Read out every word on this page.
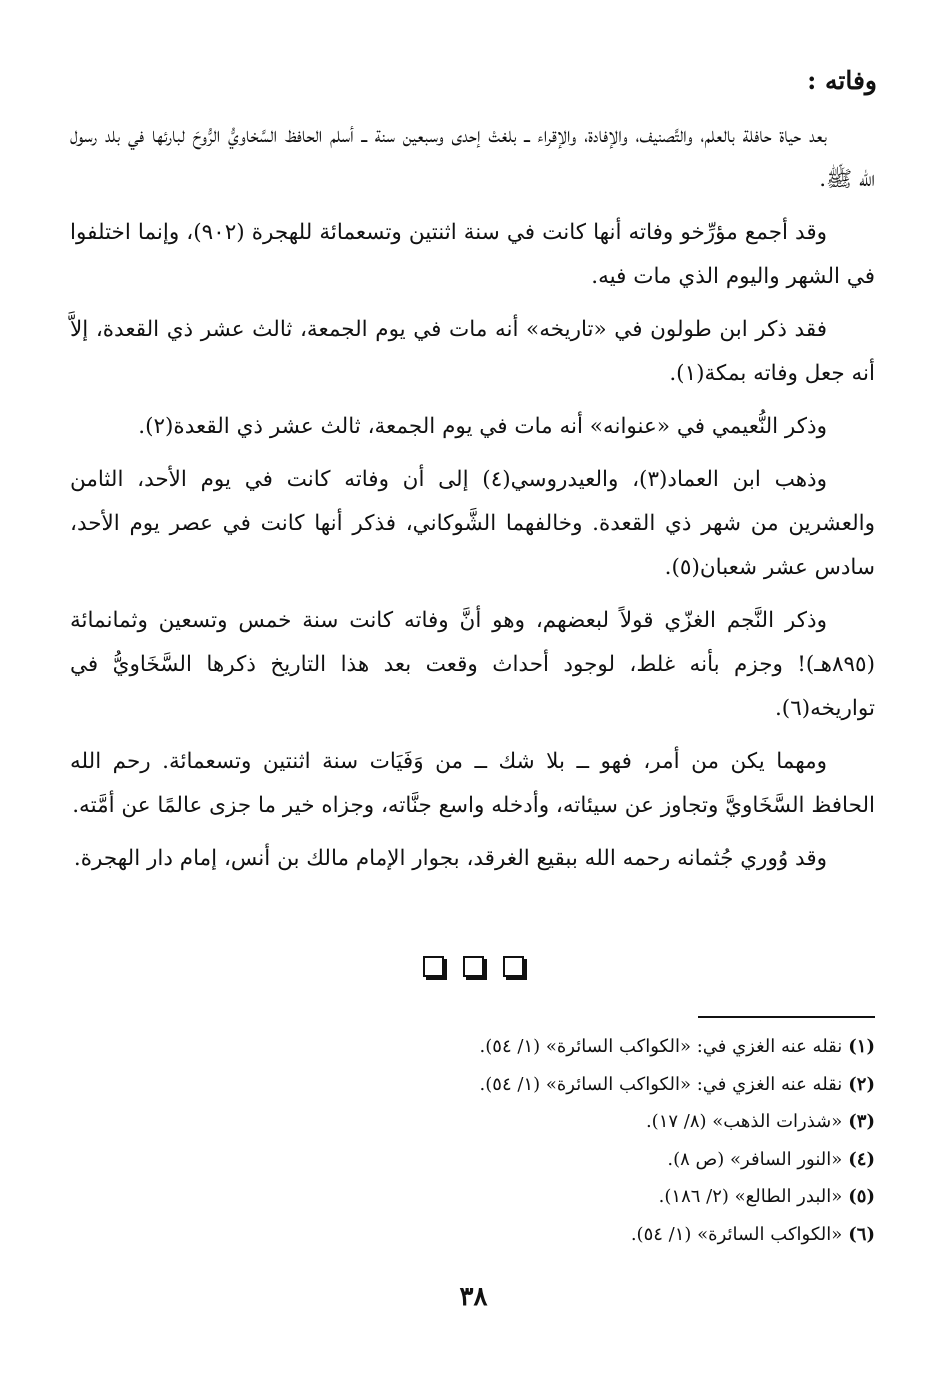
وفاته :

بعد حياة حافلة بالعلم، والتَّصنيف، والإفادة، والإقراء ــ بلغتْ إحدى وسبعين سنة ــ أسلم الحافظ السَّخاويُّ الرُّوحَ لبارئها في بلد رسول الله ﷺ.

وقد أجمع مؤرِّخو وفاته أنها كانت في سنة اثنتين وتسعمائة للهجرة (٩٠٢)، وإنما اختلفوا في الشهر واليوم الذي مات فيه.

فقد ذكر ابن طولون في «تاريخه» أنه مات في يوم الجمعة، ثالث عشر ذي القعدة، إلاَّ أنه جعل وفاته بمكة(١).

وذكر النُّعيمي في «عنوانه» أنه مات في يوم الجمعة، ثالث عشر ذي القعدة(٢).

وذهب ابن العماد(٣)، والعيدروسي(٤) إلى أن وفاته كانت في يوم الأحد، الثامن والعشرين من شهر ذي القعدة. وخالفهما الشَّوكاني، فذكر أنها كانت في عصر يوم الأحد، سادس عشر شعبان(٥).

وذكر النَّجم الغزّي قولاً لبعضهم، وهو أنَّ وفاته كانت سنة خمس وتسعين وثمانمائة (٨٩٥هـ)! وجزم بأنه غلط، لوجود أحداث وقعت بعد هذا التاريخ ذكرها السَّخَاويُّ في تواريخه(٦).

ومهما يكن من أمر، فهو ــ بلا شك ــ من وَفَيَات سنة اثنتين وتسعمائة. رحم الله الحافظ السَّخَاويَّ وتجاوز عن سيئاته، وأدخله واسع جنَّاته، وجزاه خير ما جزى عالمًا عن أمَّته.

وقد وُوري جُثمانه رحمه الله ببقيع الغرقد، بجوار الإمام مالك بن أنس، إمام دار الهجرة.

(١)نقله عنه الغزي في: «الكواكب السائرة» (١/ ٥٤).

(٢)نقله عنه الغزي في: «الكواكب السائرة» (١/ ٥٤).

(٣)«شذرات الذهب» (٨/ ١٧).

(٤)«النور السافر» (ص ٨).

(٥)«البدر الطالع» (٢/ ١٨٦).

(٦)«الكواكب السائرة» (١/ ٥٤).

٣٨
